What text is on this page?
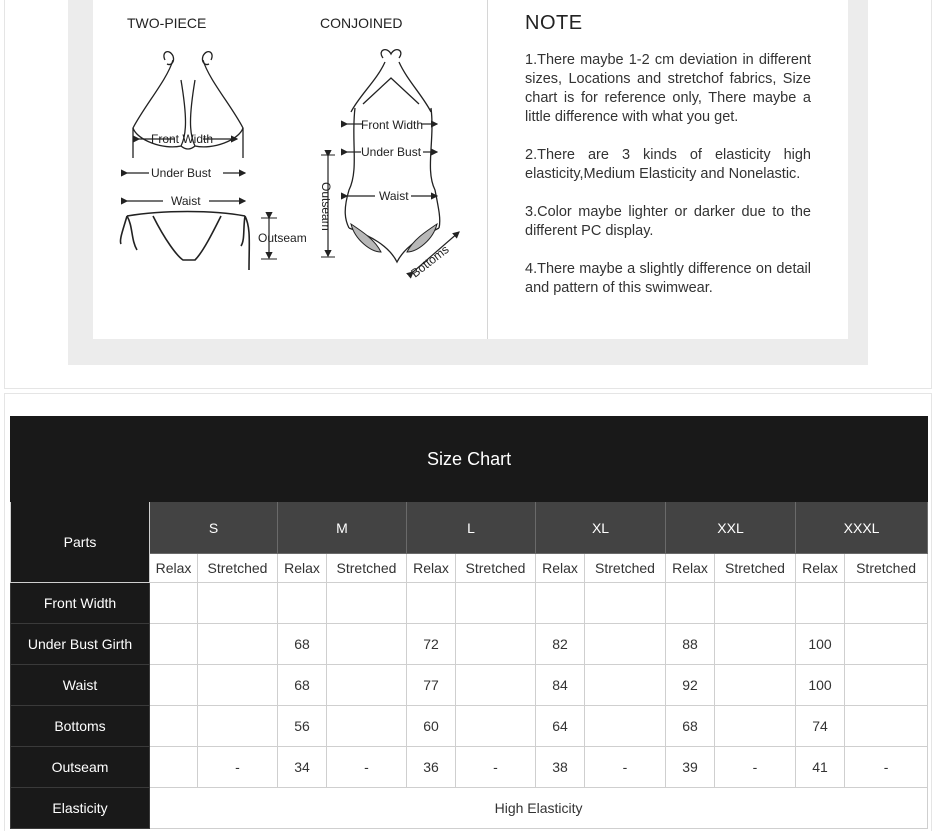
TWO-PIECE
Front Width
Under Bust
Waist
Outseam
CONJOINED
Front Width
Under Bust
Waist
Outseam
Bottoms
NOTE

1.There maybe 1-2 cm deviation in different sizes, Locations and stretchof fabrics, Size chart is for reference only, There maybe a little difference with what you get.

2.There are 3 kinds of elasticity high elasticity,Medium Elasticity and Nonelastic.

3.Color maybe lighter or darker due to the different PC display.

4.There maybe a slightly difference on detail and pattern of this swimwear.

Size Chart												
Parts	S		M		L		XL		XXL		XXXL	
	Relax	Stretched	Relax	Stretched	Relax	Stretched	Relax	Stretched	Relax	Stretched	Relax	Stretched
Front Width												
Under Bust Girth			68		72		82		88		100	
Waist			68		77		84		92		100	
Bottoms			56		60		64		68		74	
Outseam		-	34	-	36	-	38	-	39	-	41	-
Elasticity	High Elasticity											
